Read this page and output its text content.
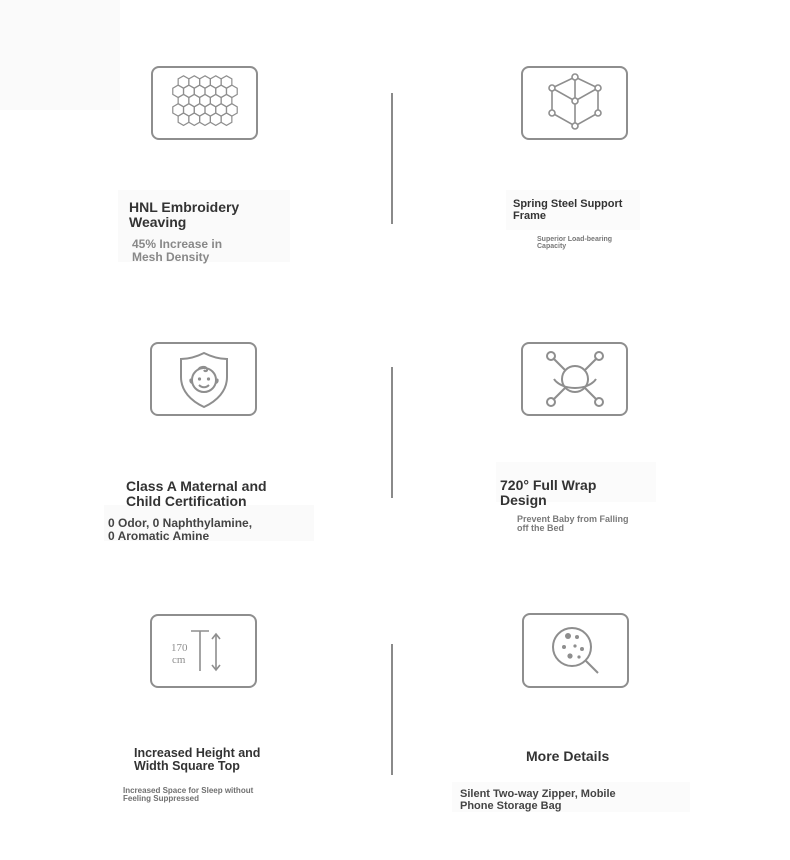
HNL Embroidery
Weaving
45% Increase in
Mesh Density
Spring Steel Support
Frame
Superior Load-bearing
Capacity
Class A Maternal and
Child Certification
0 Odor, 0 Naphthylamine,
0 Aromatic Amine
720° Full Wrap
Design
Prevent Baby from Falling
off the Bed
170
cm
Increased Height and
Width Square Top
Increased Space for Sleep without
Feeling Suppressed
More Details
Silent Two-way Zipper, Mobile
Phone Storage Bag
